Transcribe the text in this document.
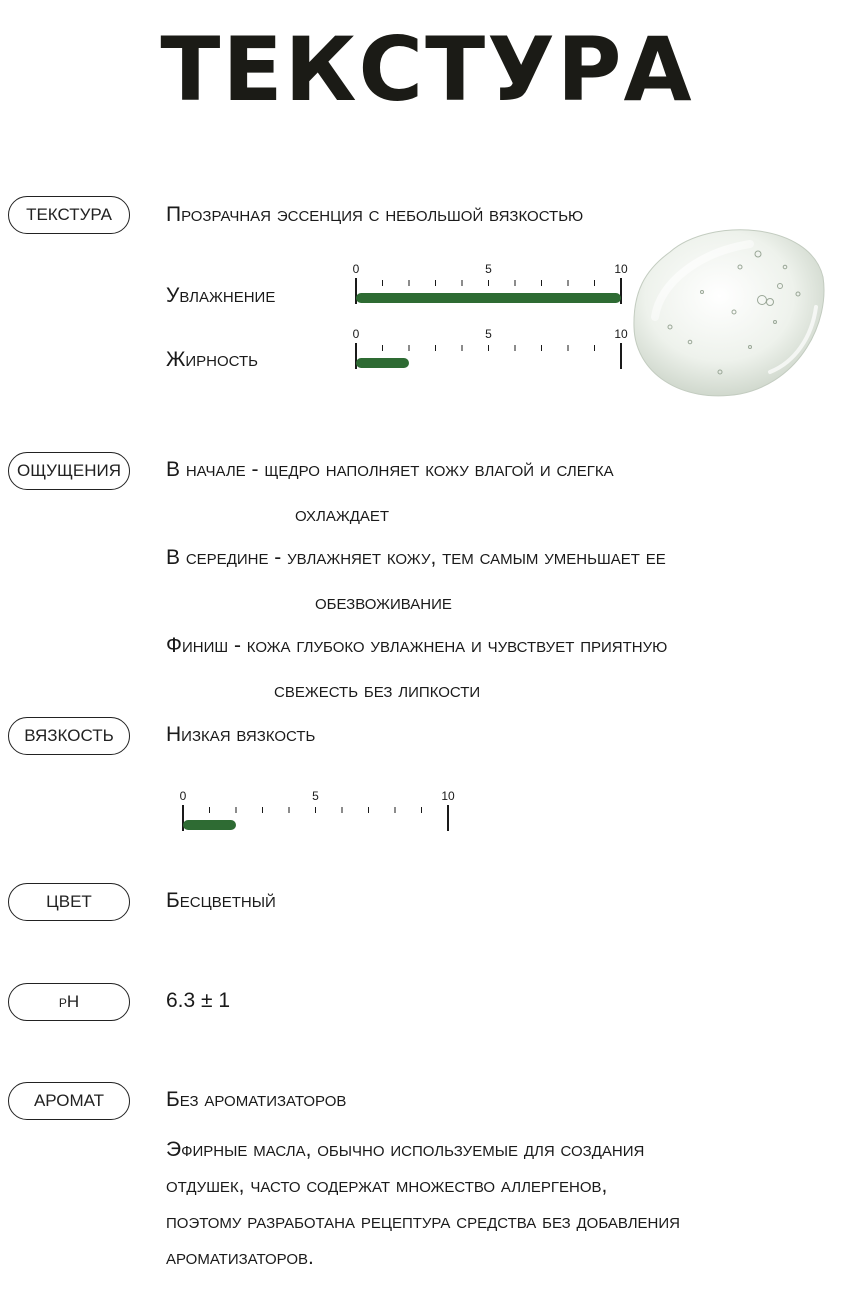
ТЕКСТУРА
ТЕКСТУРА	Прозрачная эссенция с небольшой вязкостью
Увлажнение
Жирность
0	5	10
0	5	10
ОЩУЩЕНИЯ	В начале - щедро наполняет кожу влагой и слегка
охлаждает
В середине - увлажняет кожу, тем самым уменьшает ее
обезвоживание
Финиш - кожа глубоко увлажнена и чувствует приятную
свежесть без липкости
ВЯЗКОСТЬ	Низкая вязкость
0	5	10
ЦВЕТ	Бесцветный
pH	6.3 ± 1
АРОМАТ	Без ароматизаторов
Эфирные масла, обычно используемые для создания
отдушек, часто содержат множество аллергенов,
поэтому разработана рецептура средства без добавления
ароматизаторов.
